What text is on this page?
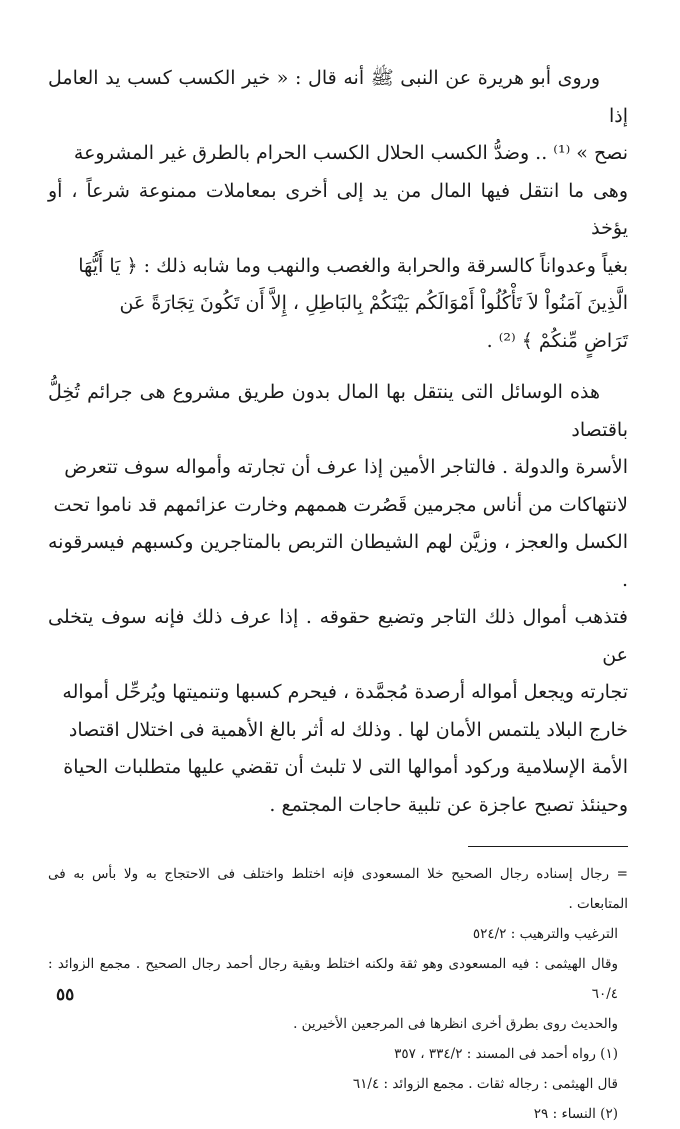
وروى أبو هريرة عن النبى ﷺ أنه قال : « خير الكسب كسب يد العامل إذا

نصح » ⁽¹⁾ .. وضدُّ الكسب الحلال الكسب الحرام بالطرق غير المشروعة

وهى ما انتقل فيها المال من يد إلى أخرى بمعاملات ممنوعة شرعاً ، أو يؤخذ

بغياً وعدواناً كالسرقة والحرابة والغصب والنهب وما شابه ذلك : ﴿ يَا أَيُّهَا

الَّذِينَ آمَنُواْ لاَ تَأْكُلُواْ أَمْوَالَكُم بَيْنَكُمْ بِالبَاطِلِ ، إِلاَّ أَن تَكُونَ تِجَارَةً عَن

تَرَاضٍ مِّنكُمْ ﴾ ⁽²⁾ .

هذه الوسائل التى ينتقل بها المال بدون طريق مشروع هى جرائم تُخِلُّ باقتصاد

الأسرة والدولة . فالتاجر الأمين إذا عرف أن تجارته وأمواله سوف تتعرض

لانتهاكات من أناس مجرمين قَصُرت هممهم وخارت عزائمهم قد ناموا تحت

الكسل والعجز ، وزيَّن لهم الشيطان التربص بالمتاجرين وكسبهم فيسرقونه .

فتذهب أموال ذلك التاجر وتضيع حقوقه . إذا عرف ذلك فإنه سوف يتخلى عن

تجارته ويجعل أمواله أرصدة مُجمَّدة ، فيحرم كسبها وتنميتها ويُرحِّل أمواله

خارج البلاد يلتمس الأمان لها . وذلك له أثر بالغ الأهمية فى اختلال اقتصاد

الأمة الإسلامية وركود أموالها التى لا تلبث أن تقضي عليها متطلبات الحياة

وحينئذ تصبح عاجزة عن تلبية حاجات المجتمع .

= رجال إسناده رجال الصحيح خلا المسعودى فإنه اختلط واختلف فى الاحتجاج به ولا بأس به فى المتابعات .

الترغيب والترهيب : ٥٢٤/٢

وقال الهيثمى : فيه المسعودى وهو ثقة ولكنه اختلط وبقية رجال أحمد رجال الصحيح . مجمع الزوائد : ٦٠/٤

والحديث روى بطرق أخرى انظرها فى المرجعين الأخيرين .

(١) رواه أحمد فى المسند : ٣٣٤/٢ ، ٣٥٧

قال الهيثمى : رجاله ثقات . مجمع الزوائد : ٦١/٤

(٢) النساء : ٢٩

٥٥
